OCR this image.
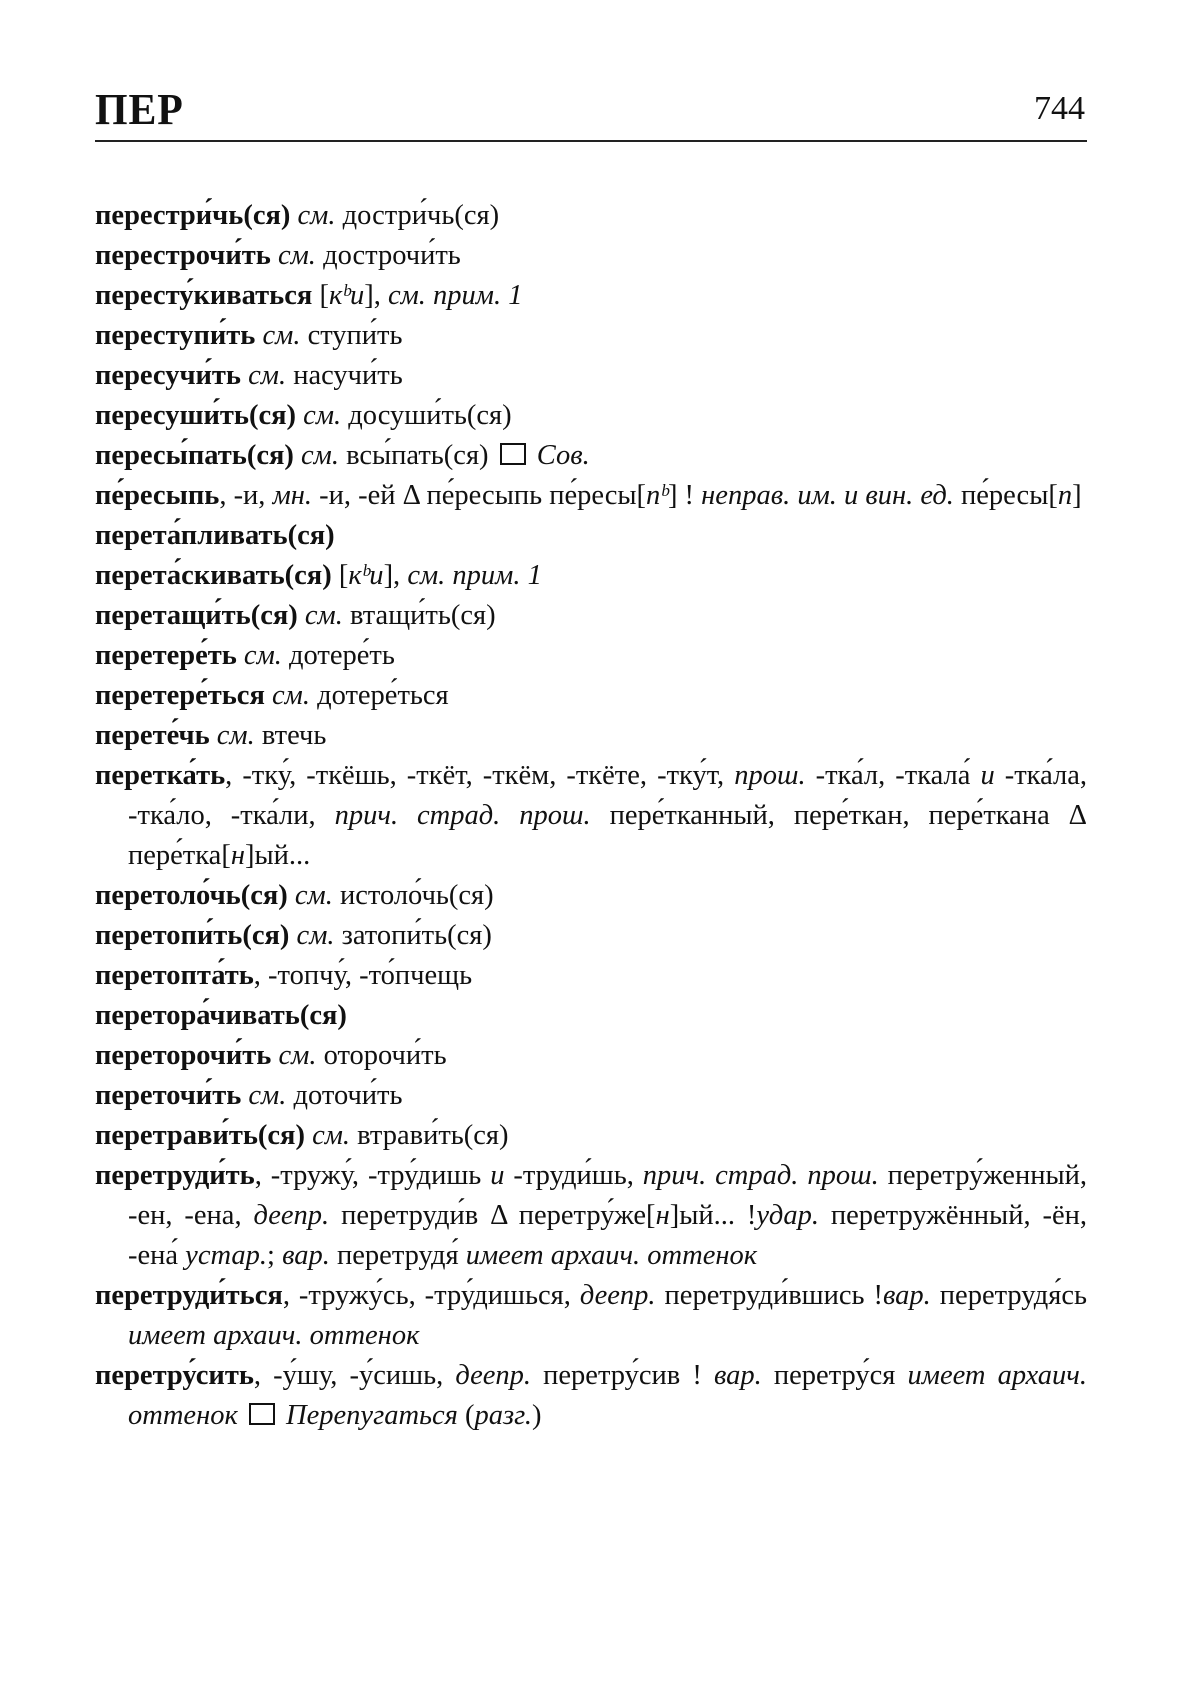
ПЕР	744
перестри́чь(ся) см. достри́чь(ся)
перестрочи́ть см. дострочи́ть
пересту́киваться [кᵇи], см. прим. 1
переступи́ть см. ступи́ть
пересучи́ть см. насучи́ть
пересуши́ть(ся) см. досуши́ть(ся)
пересы́пать(ся) см. всы́пать(ся)  Сов.
пе́ресыпь, -и, мн. -и, -ей Δ пе́ресыпь пе́ресы[пᵇ] ! неправ. им. и вин. ед. пе́ресы[п]
перета́пливать(ся)
перета́скивать(ся) [кᵇи], см. прим. 1
перетащи́ть(ся) см. втащи́ть(ся)
перетере́ть см. дотере́ть
перетере́ться см. дотере́ться
перете́чь см. втечь
перетка́ть, -тку́, -ткёшь, -ткёт, -ткём, -ткёте, -тку́т, прош. -тка́л, -ткала́ и -тка́ла, -тка́ло, -тка́ли, прич. страд. прош. пере́тканный, пере́ткан, пере́ткана Δ пере́тка[н]ый...
перетоло́чь(ся) см. истоло́чь(ся)
перетопи́ть(ся) см. затопи́ть(ся)
перетопта́ть, -топчу́, -то́пчещь
перетора́чивать(ся)
переторочи́ть см. оторочи́ть
переточи́ть см. доточи́ть
перетрави́ть(ся) см. втрави́ть(ся)
перетруди́ть, -тружу́, -тру́дишь и -труди́шь, прич. страд. прош. перетру́женный, -ен, -ена, деепр. перетруди́в Δ перетру́же[н]ый... !удар. перетружённый, -ён, -ена́ устар.; вар. перетрудя́ имеет архаич. оттенок
перетруди́ться, -тружу́сь, -тру́дишься, деепр. перетруди́вшись !вар. перетрудя́сь имеет архаич. оттенок
перетру́сить, -у́шу, -у́сишь, деепр. перетру́сив ! вар. перетру́ся имеет архаич. оттенок Перепугаться (разг.)
